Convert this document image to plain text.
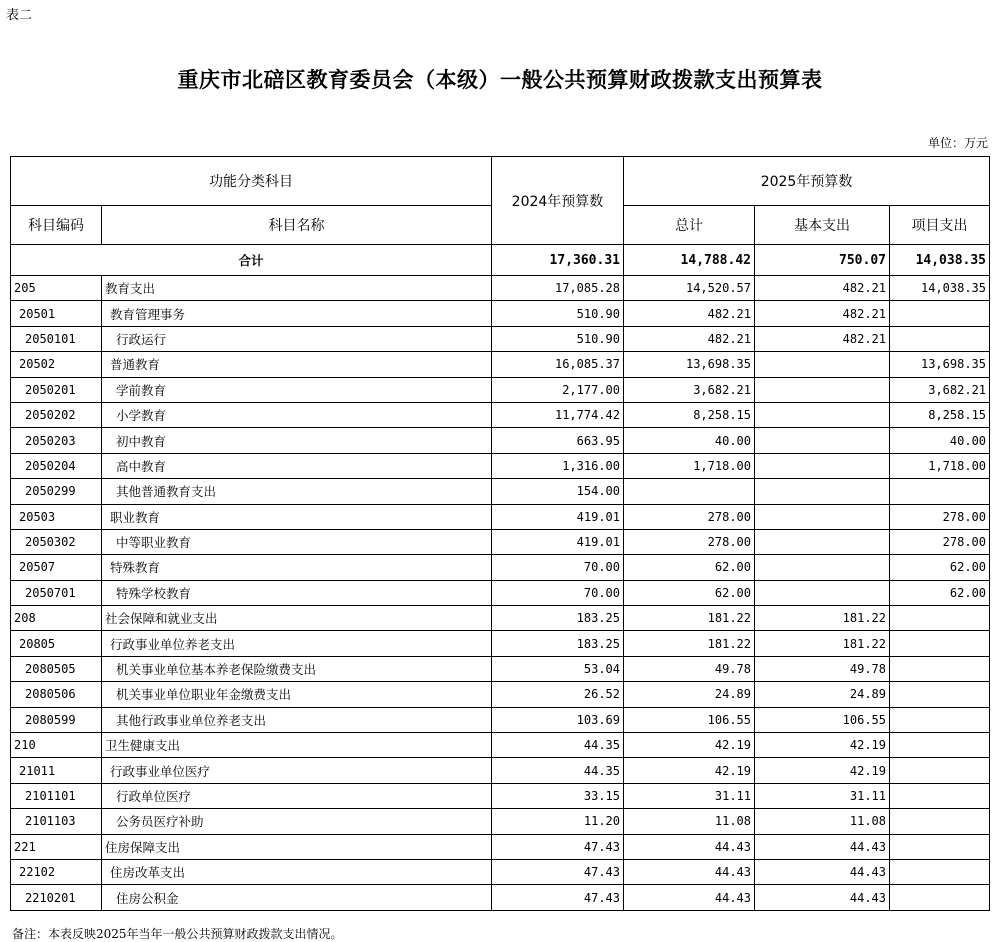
表二
重庆市北碚区教育委员会（本级）一般公共预算财政拨款支出预算表
单位：万元
功能分类科目		2024年预算数	2025年预算数		
科目编码	科目名称		总计	基本支出	项目支出
合计		17,360.31	14,788.42	750.07	14,038.35
205	教育支出	17,085.28	14,520.57	482.21	14,038.35
20501	教育管理事务	510.90	482.21	482.21	
2050101	行政运行	510.90	482.21	482.21	
20502	普通教育	16,085.37	13,698.35		13,698.35
2050201	学前教育	2,177.00	3,682.21		3,682.21
2050202	小学教育	11,774.42	8,258.15		8,258.15
2050203	初中教育	663.95	40.00		40.00
2050204	高中教育	1,316.00	1,718.00		1,718.00
2050299	其他普通教育支出	154.00			
20503	职业教育	419.01	278.00		278.00
2050302	中等职业教育	419.01	278.00		278.00
20507	特殊教育	70.00	62.00		62.00
2050701	特殊学校教育	70.00	62.00		62.00
208	社会保障和就业支出	183.25	181.22	181.22	
20805	行政事业单位养老支出	183.25	181.22	181.22	
2080505	机关事业单位基本养老保险缴费支出	53.04	49.78	49.78	
2080506	机关事业单位职业年金缴费支出	26.52	24.89	24.89	
2080599	其他行政事业单位养老支出	103.69	106.55	106.55	
210	卫生健康支出	44.35	42.19	42.19	
21011	行政事业单位医疗	44.35	42.19	42.19	
2101101	行政单位医疗	33.15	31.11	31.11	
2101103	公务员医疗补助	11.20	11.08	11.08	
221	住房保障支出	47.43	44.43	44.43	
22102	住房改革支出	47.43	44.43	44.43	
2210201	住房公积金	47.43	44.43	44.43	
备注：本表反映2025年当年一般公共预算财政拨款支出情况。
